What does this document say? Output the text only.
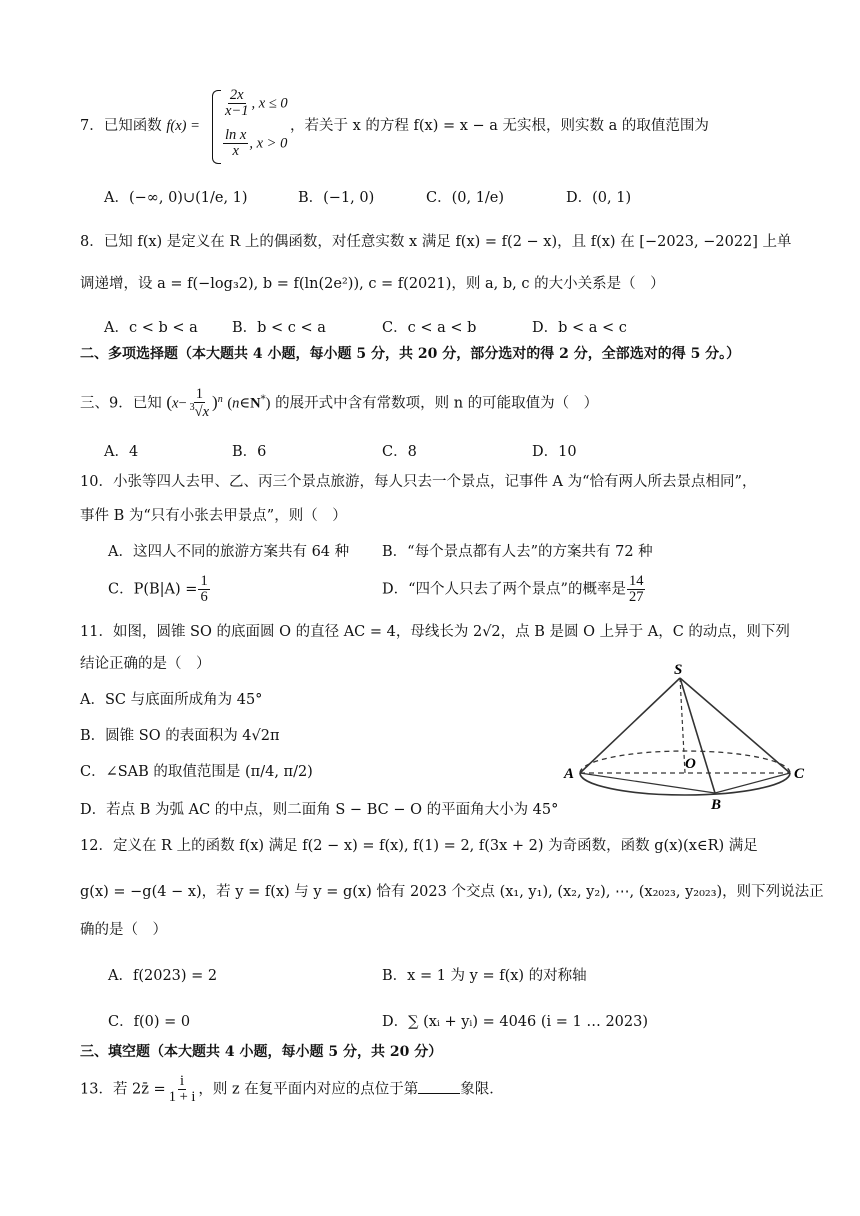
7．已知函数 f(x) =
$\frac{2x}{x-1}$ , x ≤ 0
$\frac{\text{ln x}}{x}$ , x > 0
，若关于 x 的方程 f(x) = x − a 无实根，则实数 a 的取值范围为
A．(−∞, 0)∪(1/e, 1)	B．(−1, 0)	C．(0, 1/e)	D．(0, 1)
8．已知 f(x) 是定义在 R 上的偶函数，对任意实数 x 满足 f(x) = f(2 − x)，且 f(x) 在 [−2023, −2022] 上单
调递增，设 a = f(−log₃2), b = f(ln(2e²)), c = f(2021)，则 a, b, c 的大小关系是（　）
A．c < b < a B．b < c < a	C．c < a < b	D．b < a < c
二、多项选择题（本大题共 4 小题，每小题 5 分，共 20 分，部分选对的得 2 分，全部选对的得 5 分。）
三、9．已知 $(x- \frac{1}{^3√x} )^n$ (n∈N*) 的展开式中含有常数项，则 n 的可能取值为（　）
A．4	B．6	C．8	D．10
10．小张等四人去甲、乙、丙三个景点旅游，每人只去一个景点，记事件 A 为“恰有两人所去景点相同”，
事件 B 为“只有小张去甲景点”，则（　）
A．这四人不同的旅游方案共有 64 种 B．“每个景点都有人去”的方案共有 72 种
C．$P(B|A) = \frac{1}{6}$	D．“四个人只去了两个景点”的概率是 $\frac{14}{27}$
11．如图，圆锥 SO 的底面圆 O 的直径 AC = 4，母线长为 2√2，点 B 是圆 O 上异于 A，C 的动点，则下列
结论正确的是（　）
A．SC 与底面所成角为 45°
B．圆锥 SO 的表面积为 4√2π
C．∠SAB 的取值范围是 (π/4, π/2)
D．若点 B 为弧 AC 的中点，则二面角 S − BC − O 的平面角大小为 45°
S
A
O
C
B
12．定义在 R 上的函数 f(x) 满足 f(2 − x) = f(x), f(1) = 2, f(3x + 2) 为奇函数，函数 g(x)(x∈R) 满足
g(x) = −g(4 − x)，若 y = f(x) 与 y = g(x) 恰有 2023 个交点 (x₁, y₁), (x₂, y₂), ⋯, (x₂₀₂₃, y₂₀₂₃)，则下列说法正
确的是（　）
A．f(2023) = 2	B．x = 1 为 y = f(x) 的对称轴
C．f(0) = 0	D．∑ (xᵢ + yᵢ) = 4046 (i = 1 … 2023)
三、填空题（本大题共 4 小题，每小题 5 分，共 20 分）
13．若 2z̄ = $\frac{i}{1 + i}$ ，则 z 在复平面内对应的点位于第	象限．
